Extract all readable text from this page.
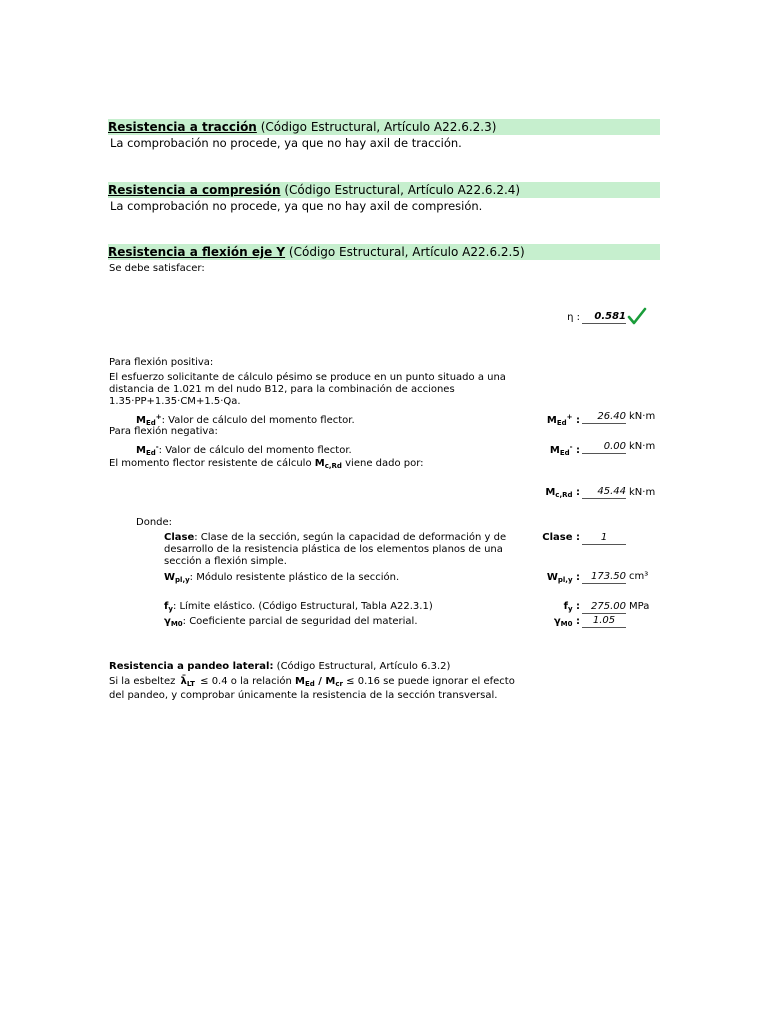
Resistencia a tracción (Código Estructural, Artículo A22.6.2.3)
La comprobación no procede, ya que no hay axil de tracción.
Resistencia a compresión (Código Estructural, Artículo A22.6.2.4)
La comprobación no procede, ya que no hay axil de compresión.
Resistencia a flexión eje Y (Código Estructural, Artículo A22.6.2.5)
Se debe satisfacer:
η :	0.581
Para flexión positiva:
El esfuerzo solicitante de cálculo pésimo se produce en un punto situado a una distancia de 1.021 m del nudo B12, para la combinación de acciones 1.35·PP+1.35·CM+1.5·Qa.
$M_{Ed}^+$: Valor de cálculo del momento flector.	$M_{Ed}^+$ :	26.40 kN·m
Para flexión negativa:
$M_{Ed}^-$: Valor de cálculo del momento flector.	$M_{Ed}^-$ :	0.00 kN·m
El momento flector resistente de cálculo $M_{c,Rd}$ viene dado por:
$M_{c,Rd}$ :	45.44 kN·m
Donde:
Clase: Clase de la sección, según la capacidad de deformación y de desarrollo de la resistencia plástica de los elementos planos de una sección a flexión simple.
Clase :	1
$W_{pl,y}$: Módulo resistente plástico de la sección.	$W_{pl,y}$ :	173.50 cm³
$f_y$: Límite elástico. (Código Estructural, Tabla A22.3.1)	$f_y$ :	275.00 MPa
$\gamma_{M0}$: Coeficiente parcial de seguridad del material.	$\gamma_{M0}$ :	1.05
Resistencia a pandeo lateral: (Código Estructural, Artículo 6.3.2)
Si la esbeltez $\lambdā_{LT} \le 0.4$ o la relación $M_{Ed} / M_{cr} \le 0.16$ se puede ignorar el efecto
del pandeo, y comprobar únicamente la resistencia de la sección transversal.
